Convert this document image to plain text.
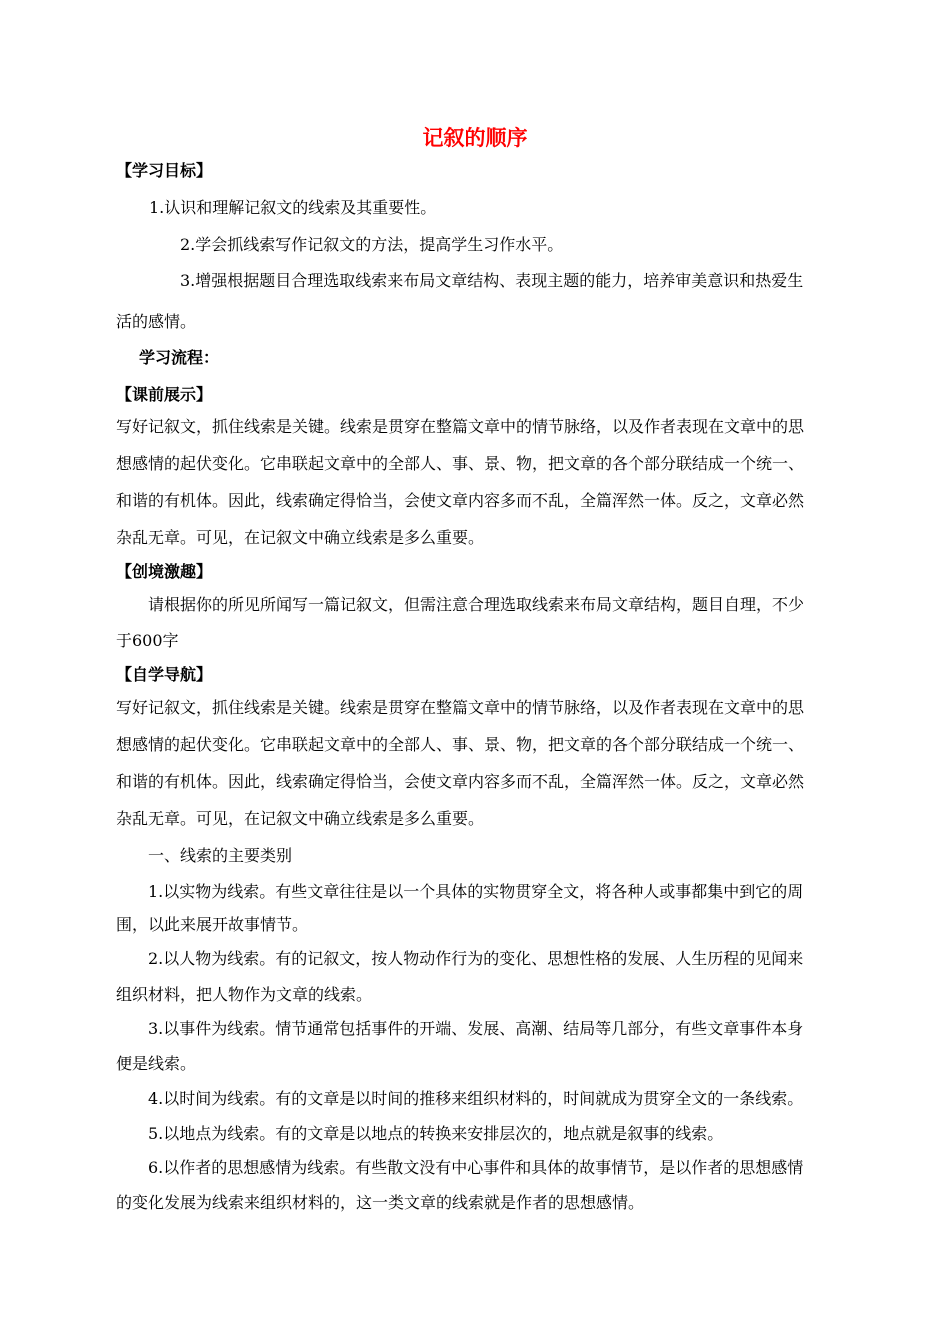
记叙的顺序
【学习目标】
1.认识和理解记叙文的线索及其重要性。
2.学会抓线索写作记叙文的方法，提高学生习作水平。
3.增强根据题目合理选取线索来布局文章结构、表现主题的能力，培养审美意识和热爱生
活的感情。
学习流程：
【课前展示】
写好记叙文，抓住线索是关键。线索是贯穿在整篇文章中的情节脉络，以及作者表现在文章中的思
想感情的起伏变化。它串联起文章中的全部人、事、景、物，把文章的各个部分联结成一个统一、
和谐的有机体。因此，线索确定得恰当，会使文章内容多而不乱，全篇浑然一体。反之，文章必然
杂乱无章。可见，在记叙文中确立线索是多么重要。
【创境激趣】
请根据你的所见所闻写一篇记叙文，但需注意合理选取线索来布局文章结构，题目自理，不少
于600字
【自学导航】
写好记叙文，抓住线索是关键。线索是贯穿在整篇文章中的情节脉络，以及作者表现在文章中的思
想感情的起伏变化。它串联起文章中的全部人、事、景、物，把文章的各个部分联结成一个统一、
和谐的有机体。因此，线索确定得恰当，会使文章内容多而不乱，全篇浑然一体。反之，文章必然
杂乱无章。可见，在记叙文中确立线索是多么重要。
一、线索的主要类别
1.以实物为线索。有些文章往往是以一个具体的实物贯穿全文，将各种人或事都集中到它的周
围，以此来展开故事情节。
2.以人物为线索。有的记叙文，按人物动作行为的变化、思想性格的发展、人生历程的见闻来
组织材料，把人物作为文章的线索。
3.以事件为线索。情节通常包括事件的开端、发展、高潮、结局等几部分，有些文章事件本身
便是线索。
4.以时间为线索。有的文章是以时间的推移来组织材料的，时间就成为贯穿全文的一条线索。
5.以地点为线索。有的文章是以地点的转换来安排层次的，地点就是叙事的线索。
6.以作者的思想感情为线索。有些散文没有中心事件和具体的故事情节，是以作者的思想感情
的变化发展为线索来组织材料的，这一类文章的线索就是作者的思想感情。
